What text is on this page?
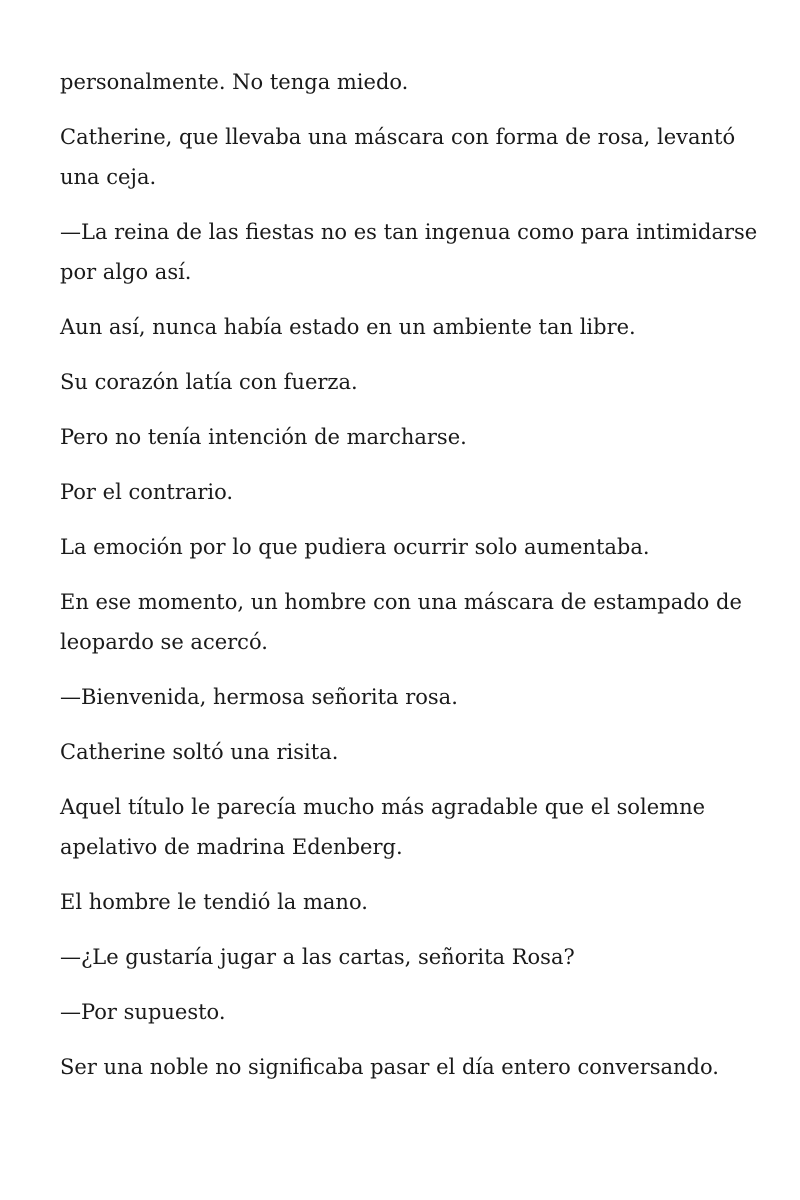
personalmente. No tenga miedo.

Catherine, que llevaba una máscara con forma de rosa, levantó una ceja.

—La reina de las fiestas no es tan ingenua como para intimidarse por algo así.

Aun así, nunca había estado en un ambiente tan libre.

Su corazón latía con fuerza.

Pero no tenía intención de marcharse.

Por el contrario.

La emoción por lo que pudiera ocurrir solo aumentaba.

En ese momento, un hombre con una máscara de estampado de leopardo se acercó.

—Bienvenida, hermosa señorita rosa.

Catherine soltó una risita.

Aquel título le parecía mucho más agradable que el solemne apelativo de madrina Edenberg.

El hombre le tendió la mano.

—¿Le gustaría jugar a las cartas, señorita Rosa?

—Por supuesto.

Ser una noble no significaba pasar el día entero conversando.
